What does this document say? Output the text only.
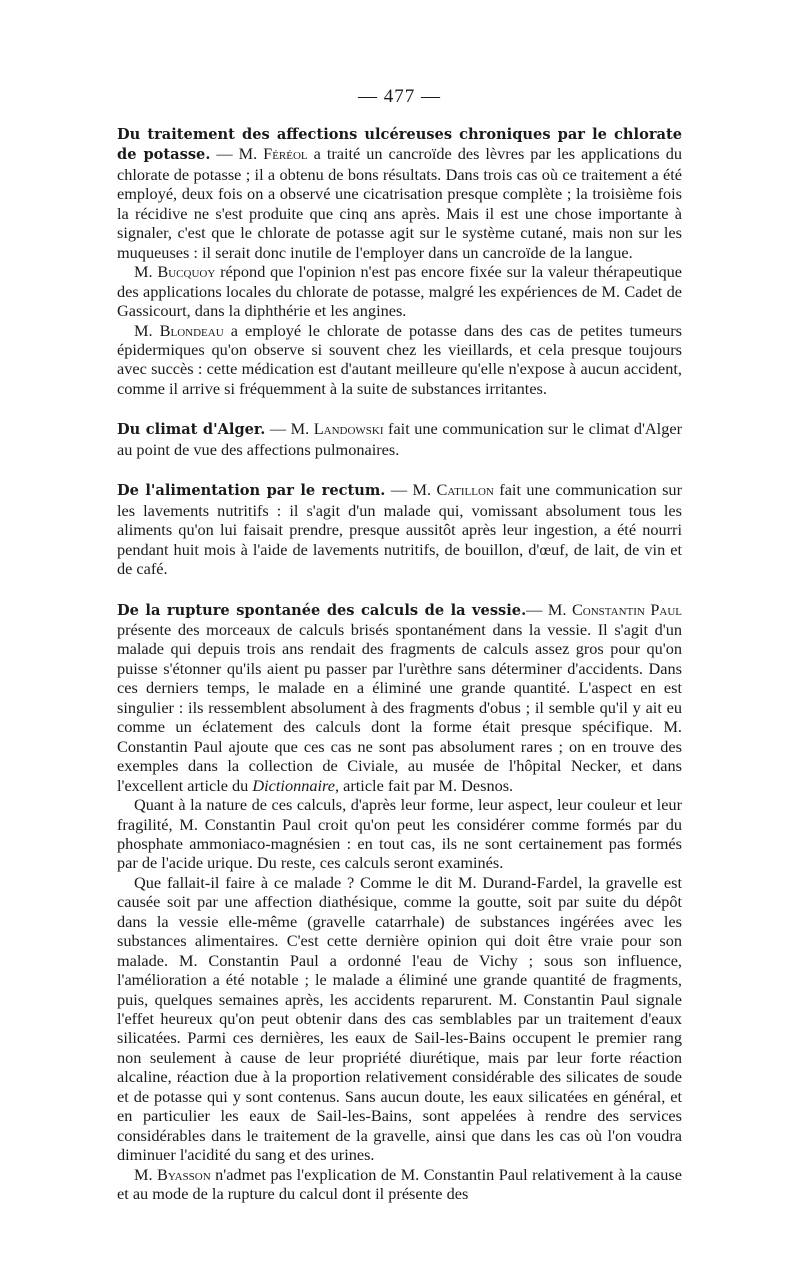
— 477 —

Du traitement des affections ulcéreuses chroniques par le chlorate de potasse. — M. Féréol a traité un cancroïde des lèvres par les applications du chlorate de potasse ; il a obtenu de bons résultats. Dans trois cas où ce traitement a été employé, deux fois on a observé une cicatrisation presque complète ; la troisième fois la récidive ne s'est produite que cinq ans après. Mais il est une chose importante à signaler, c'est que le chlorate de potasse agit sur le système cutané, mais non sur les muqueuses : il serait donc inutile de l'employer dans un cancroïde de la langue.

M. Bucquoy répond que l'opinion n'est pas encore fixée sur la valeur thérapeutique des applications locales du chlorate de potasse, malgré les expériences de M. Cadet de Gassicourt, dans la diphthérie et les angines.

M. Blondeau a employé le chlorate de potasse dans des cas de petites tumeurs épidermiques qu'on observe si souvent chez les vieillards, et cela presque toujours avec succès : cette médication est d'autant meilleure qu'elle n'expose à aucun accident, comme il arrive si fréquemment à la suite de substances irritantes.

Du climat d'Alger. — M. Landowski fait une communication sur le climat d'Alger au point de vue des affections pulmonaires.

De l'alimentation par le rectum. — M. Catillon fait une communication sur les lavements nutritifs : il s'agit d'un malade qui, vomissant absolument tous les aliments qu'on lui faisait prendre, presque aussitôt après leur ingestion, a été nourri pendant huit mois à l'aide de lavements nutritifs, de bouillon, d'œuf, de lait, de vin et de café.

De la rupture spontanée des calculs de la vessie.— M. Constantin Paul présente des morceaux de calculs brisés spontanément dans la vessie. Il s'agit d'un malade qui depuis trois ans rendait des fragments de calculs assez gros pour qu'on puisse s'étonner qu'ils aient pu passer par l'urèthre sans déterminer d'accidents. Dans ces derniers temps, le malade en a éliminé une grande quantité. L'aspect en est singulier : ils ressemblent absolument à des fragments d'obus ; il semble qu'il y ait eu comme un éclatement des calculs dont la forme était presque spécifique. M. Constantin Paul ajoute que ces cas ne sont pas absolument rares ; on en trouve des exemples dans la collection de Civiale, au musée de l'hôpital Necker, et dans l'excellent article du Dictionnaire, article fait par M. Desnos.

Quant à la nature de ces calculs, d'après leur forme, leur aspect, leur couleur et leur fragilité, M. Constantin Paul croit qu'on peut les considérer comme formés par du phosphate ammoniaco-magnésien : en tout cas, ils ne sont certainement pas formés par de l'acide urique. Du reste, ces calculs seront examinés.

Que fallait-il faire à ce malade ? Comme le dit M. Durand-Fardel, la gravelle est causée soit par une affection diathésique, comme la goutte, soit par suite du dépôt dans la vessie elle-même (gravelle catarrhale) de substances ingérées avec les substances alimentaires. C'est cette dernière opinion qui doit être vraie pour son malade. M. Constantin Paul a ordonné l'eau de Vichy ; sous son influence, l'amélioration a été notable ; le malade a éliminé une grande quantité de fragments, puis, quelques semaines après, les accidents reparurent. M. Constantin Paul signale l'effet heureux qu'on peut obtenir dans des cas semblables par un traitement d'eaux silicatées. Parmi ces dernières, les eaux de Sail-les-Bains occupent le premier rang non seulement à cause de leur propriété diurétique, mais par leur forte réaction alcaline, réaction due à la proportion relativement considérable des silicates de soude et de potasse qui y sont contenus. Sans aucun doute, les eaux silicatées en général, et en particulier les eaux de Sail-les-Bains, sont appelées à rendre des services considérables dans le traitement de la gravelle, ainsi que dans les cas où l'on voudra diminuer l'acidité du sang et des urines.

M. Byasson n'admet pas l'explication de M. Constantin Paul relativement à la cause et au mode de la rupture du calcul dont il présente des
